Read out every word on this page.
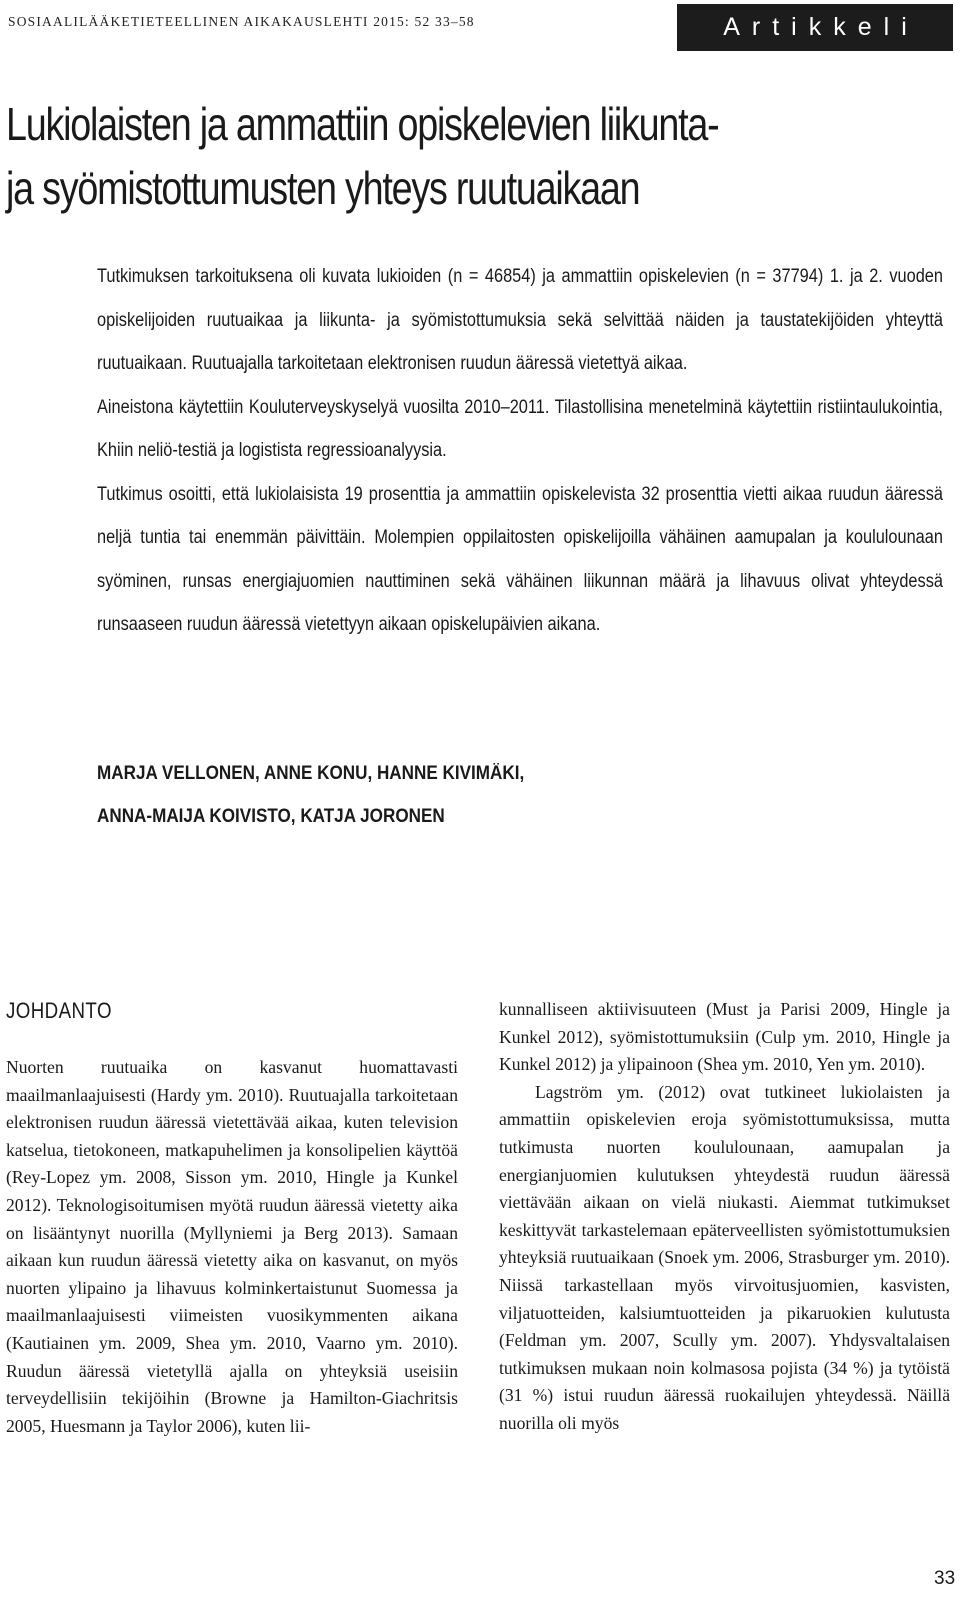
SOSIAALILÄÄKETIETEELLINEN AIKAKAUSLEHTI 2015: 52 33–58	Artikkeli
Lukiolaisten ja ammattiin opiskelevien liikunta-
ja syömistottumusten yhteys ruutuaikaan

Tutkimuksen tarkoituksena oli kuvata lukioiden (n = 46854) ja ammattiin opiskelevien (n = 37794) 1. ja 2. vuoden opiskelijoiden ruutuaikaa ja liikunta- ja syömistottumuksia sekä selvittää näiden ja taustatekijöiden yhteyttä ruutuaikaan. Ruutuajalla tarkoitetaan elektronisen ruudun ääressä vietettyä aikaa.

Aineistona käytettiin Kouluterveyskyselyä vuosilta 2010–2011. Tilastollisina menetelminä käytettiin ristiintaulukointia, Khiin neliö-testiä ja logistista regressioanalyysia.

Tutkimus osoitti, että lukiolaisista 19 prosenttia ja ammattiin opiskelevista 32 prosenttia vietti aikaa ruudun ääressä neljä tuntia tai enemmän päivittäin. Molempien oppilaitosten opiskelijoilla vähäinen aamupalan ja koululounaan syöminen, runsas energiajuomien nauttiminen sekä vähäinen liikunnan määrä ja lihavuus olivat yhteydessä runsaaseen ruudun ääressä vietettyyn aikaan opiskelupäivien aikana.

MARJA VELLONEN, ANNE KONU, HANNE KIVIMÄKI,
ANNA-MAIJA KOIVISTO, KATJA JORONEN
JOHDANTO

Nuorten ruutuaika on kasvanut huomattavasti maailmanlaajuisesti (Hardy ym. 2010). Ruutuajalla tarkoitetaan elektronisen ruudun ääressä vietettävää aikaa, kuten television katselua, tietokoneen, matkapuhelimen ja konsolipelien käyttöä (Rey-Lopez ym. 2008, Sisson ym. 2010, Hingle ja Kunkel 2012). Teknologisoitumisen myötä ruudun ääressä vietetty aika on lisääntynyt nuorilla (Myllyniemi ja Berg 2013). Samaan aikaan kun ruudun ääressä vietetty aika on kasvanut, on myös nuorten ylipaino ja lihavuus kolminkertaistunut Suomessa ja maailmanlaajuisesti viimeisten vuosikymmenten aikana (Kautiainen ym. 2009, Shea ym. 2010, Vaarno ym. 2010). Ruudun ääressä vietetyllä ajalla on yhteyksiä useisiin terveydellisiin tekijöihin (Browne ja Hamilton-Giachritsis 2005, Huesmann ja Taylor 2006), kuten lii-

kunnalliseen aktiivisuuteen (Must ja Parisi 2009, Hingle ja Kunkel 2012), syömistottumuksiin (Culp ym. 2010, Hingle ja Kunkel 2012) ja ylipainoon (Shea ym. 2010, Yen ym. 2010).

Lagström ym. (2012) ovat tutkineet lukiolaisten ja ammattiin opiskelevien eroja syömistottumuksissa, mutta tutkimusta nuorten koululounaan, aamupalan ja energianjuomien kulutuksen yhteydestä ruudun ääressä viettävään aikaan on vielä niukasti. Aiemmat tutkimukset keskittyvät tarkastelemaan epäterveellisten syömistottumuksien yhteyksiä ruutuaikaan (Snoek ym. 2006, Strasburger ym. 2010). Niissä tarkastellaan myös virvoitusjuomien, kasvisten, viljatuotteiden, kalsiumtuotteiden ja pikaruokien kulutusta (Feldman ym. 2007, Scully ym. 2007). Yhdysvaltalaisen tutkimuksen mukaan noin kolmasosa pojista (34 %) ja tytöistä (31 %) istui ruudun ääressä ruokailujen yhteydessä. Näillä nuorilla oli myös

33
